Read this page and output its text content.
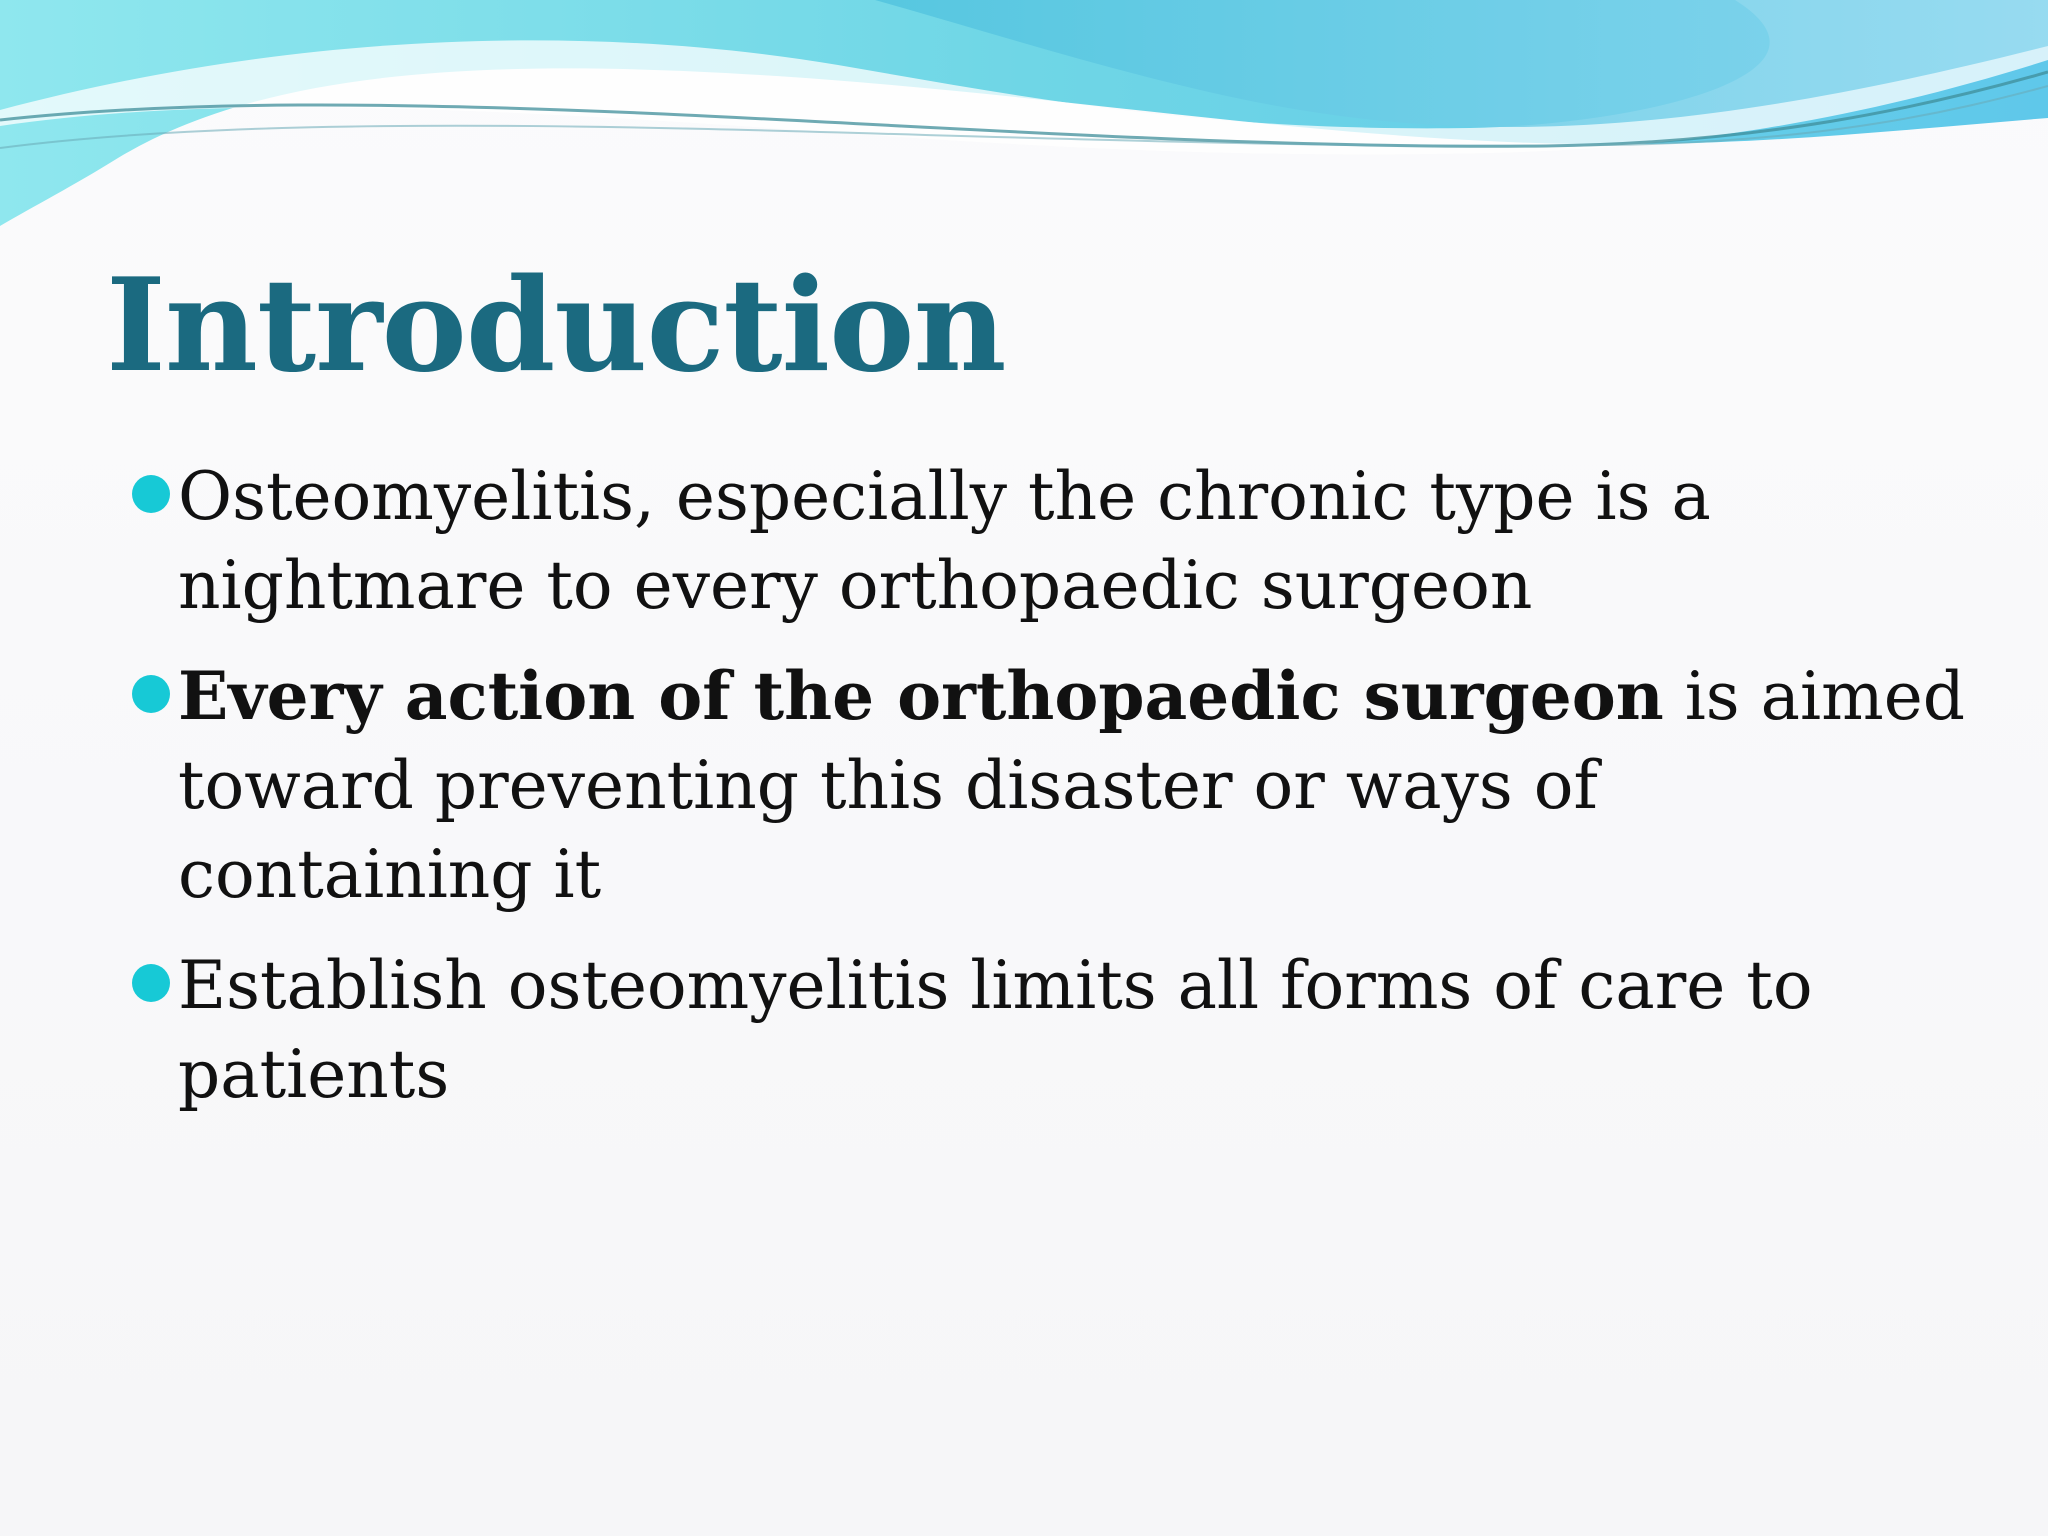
Introduction
Osteomyelitis, especially the chronic type is a nightmare to every orthopaedic surgeon
Every action of the orthopaedic surgeon is aimed toward preventing this disaster or ways of containing it
Establish osteomyelitis limits all forms of care to patients
